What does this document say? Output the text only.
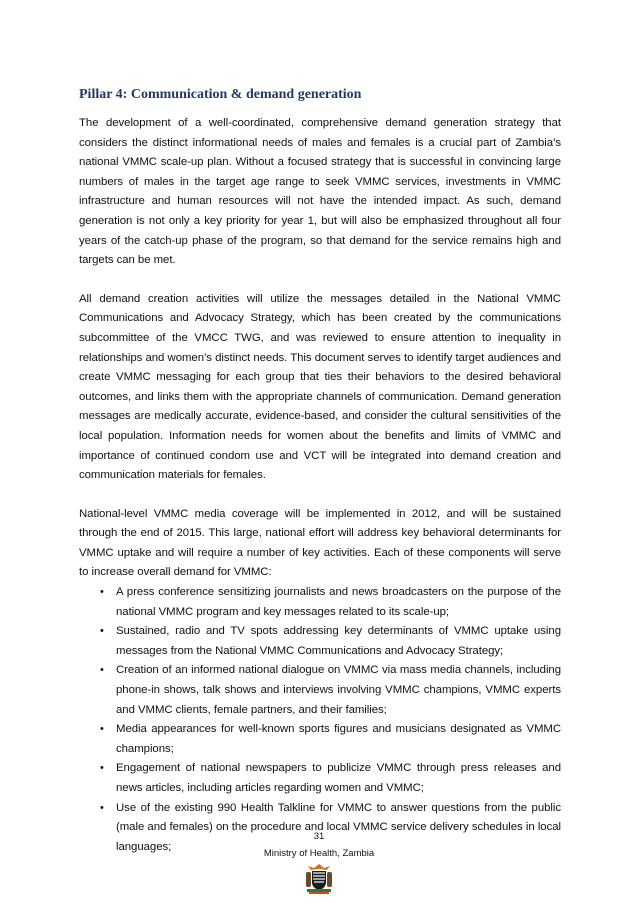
Pillar 4: Communication & demand generation

The development of a well-coordinated, comprehensive demand generation strategy that considers the distinct informational needs of males and females is a crucial part of Zambia’s national VMMC scale-up plan. Without a focused strategy that is successful in convincing large numbers of males in the target age range to seek VMMC services, investments in VMMC infrastructure and human resources will not have the intended impact. As such, demand generation is not only a key priority for year 1, but will also be emphasized throughout all four years of the catch-up phase of the program, so that demand for the service remains high and targets can be met.

All demand creation activities will utilize the messages detailed in the National VMMC Communications and Advocacy Strategy, which has been created by the communications subcommittee of the VMCC TWG, and was reviewed to ensure attention to inequality in relationships and women’s distinct needs. This document serves to identify target audiences and create VMMC messaging for each group that ties their behaviors to the desired behavioral outcomes, and links them with the appropriate channels of communication. Demand generation messages are medically accurate, evidence-based, and consider the cultural sensitivities of the local population. Information needs for women about the benefits and limits of VMMC and importance of continued condom use and VCT will be integrated into demand creation and communication materials for females.

National-level VMMC media coverage will be implemented in 2012, and will be sustained through the end of 2015. This large, national effort will address key behavioral determinants for VMMC uptake and will require a number of key activities. Each of these components will serve to increase overall demand for VMMC:

• A press conference sensitizing journalists and news broadcasters on the purpose of the national VMMC program and key messages related to its scale-up;
• Sustained, radio and TV spots addressing key determinants of VMMC uptake using messages from the National VMMC Communications and Advocacy Strategy;
• Creation of an informed national dialogue on VMMC via mass media channels, including phone-in shows, talk shows and interviews involving VMMC champions, VMMC experts and VMMC clients, female partners, and their families;
• Media appearances for well-known sports figures and musicians designated as VMMC champions;
• Engagement of national newspapers to publicize VMMC through press releases and news articles, including articles regarding women and VMMC;
• Use of the existing 990 Health Talkline for VMMC to answer questions from the public (male and females) on the procedure and local VMMC service delivery schedules in local languages;
31
Ministry of Health, Zambia
